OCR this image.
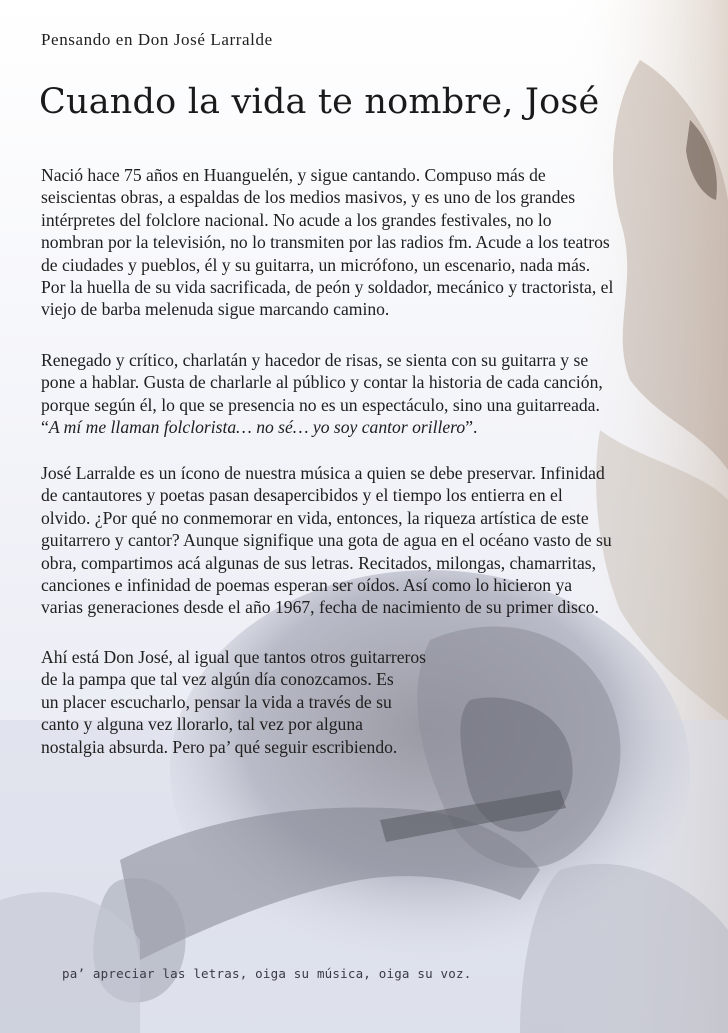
Pensando en Don José Larralde

Cuando la vida te nombre, José

Nació hace 75 años en Huanguelén, y sigue cantando. Compuso más de
seiscientas obras, a espaldas de los medios masivos, y es uno de los grandes
intérpretes del folclore nacional. No acude a los grandes festivales, no lo
nombran por la televisión, no lo transmiten por las radios fm. Acude a los teatros
de ciudades y pueblos, él y su guitarra, un micrófono, un escenario, nada más.
Por la huella de su vida sacrificada, de peón y soldador, mecánico y tractorista, el
viejo de barba melenuda sigue marcando camino.

Renegado y crítico, charlatán y hacedor de risas, se sienta con su guitarra y se
pone a hablar. Gusta de charlarle al público y contar la historia de cada canción,
porque según él, lo que se presencia no es un espectáculo, sino una guitarreada.
“A mí me llaman folclorista… no sé… yo soy cantor orillero”.

José Larralde es un ícono de nuestra música a quien se debe preservar. Infinidad
de cantautores y poetas pasan desapercibidos y el tiempo los entierra en el
olvido. ¿Por qué no conmemorar en vida, entonces, la riqueza artística de este
guitarrero y cantor? Aunque signifique una gota de agua en el océano vasto de su
obra, compartimos acá algunas de sus letras. Recitados, milongas, chamarritas,
canciones e infinidad de poemas esperan ser oídos. Así como lo hicieron ya
varias generaciones desde el año 1967, fecha de nacimiento de su primer disco.

Ahí está Don José, al igual que tantos otros guitarreros
de la pampa que tal vez algún día conozcamos. Es
un placer escucharlo, pensar la vida a través de su
canto y alguna vez llorarlo, tal vez por alguna
nostalgia absurda. Pero pa’ qué seguir escribiendo.

pa’ apreciar las letras, oiga su música, oiga su voz.
